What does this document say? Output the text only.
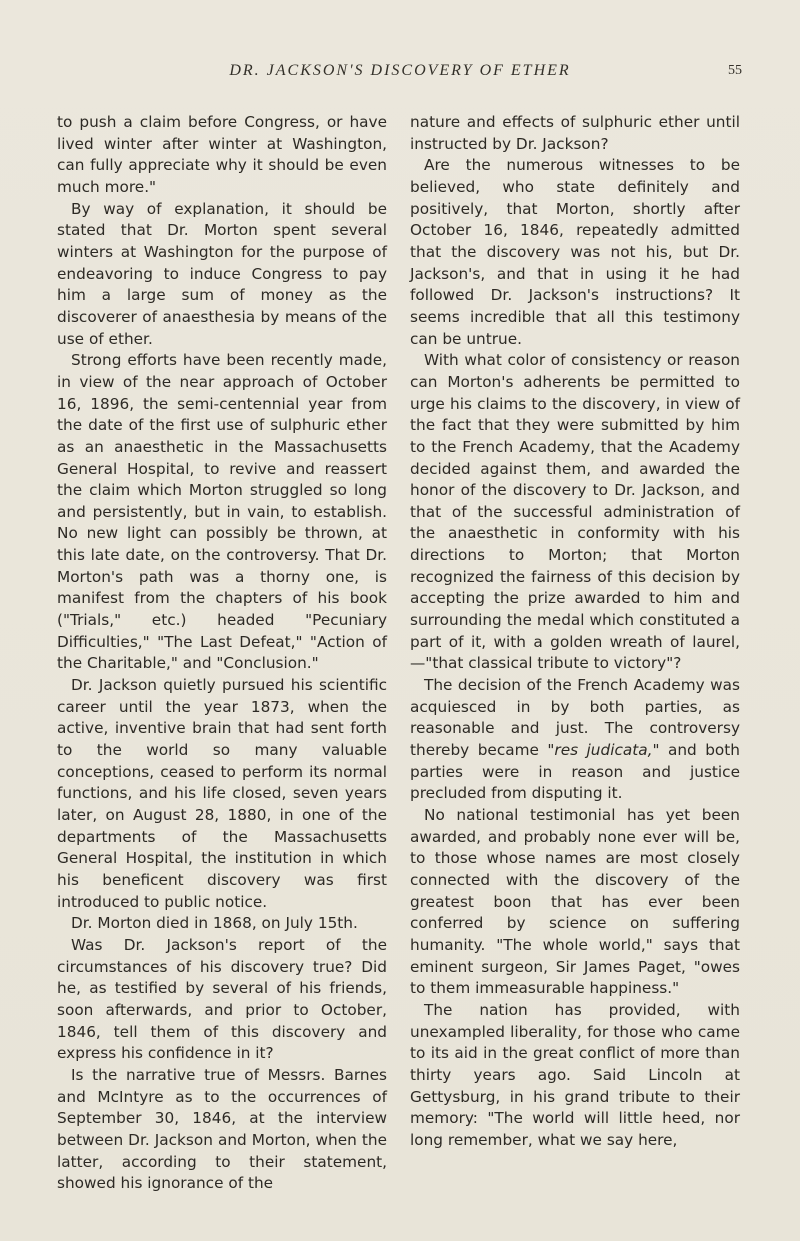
DR. JACKSON'S DISCOVERY OF ETHER	55

to push a claim before Congress, or have lived winter after winter at Washington, can fully appreciate why it should be even much more."

By way of explanation, it should be stated that Dr. Morton spent several winters at Washington for the purpose of endeavoring to induce Congress to pay him a large sum of money as the discoverer of anaesthesia by means of the use of ether.

Strong efforts have been recently made, in view of the near approach of October 16, 1896, the semi-centennial year from the date of the first use of sulphuric ether as an anaesthetic in the Massachusetts General Hospital, to revive and reassert the claim which Morton struggled so long and persistently, but in vain, to establish. No new light can possibly be thrown, at this late date, on the controversy. That Dr. Morton's path was a thorny one, is manifest from the chapters of his book ("Trials," etc.) headed "Pecuniary Difficulties," "The Last Defeat," "Action of the Charitable," and "Conclusion."

Dr. Jackson quietly pursued his scientific career until the year 1873, when the active, inventive brain that had sent forth to the world so many valuable conceptions, ceased to perform its normal functions, and his life closed, seven years later, on August 28, 1880, in one of the departments of the Massachusetts General Hospital, the institution in which his beneficent discovery was first introduced to public notice.

Dr. Morton died in 1868, on July 15th.

Was Dr. Jackson's report of the circumstances of his discovery true? Did he, as testified by several of his friends, soon afterwards, and prior to October, 1846, tell them of this discovery and express his confidence in it?

Is the narrative true of Messrs. Barnes and McIntyre as to the occurrences of September 30, 1846, at the interview between Dr. Jackson and Morton, when the latter, according to their statement, showed his ignorance of the

nature and effects of sulphuric ether until instructed by Dr. Jackson?

Are the numerous witnesses to be believed, who state definitely and positively, that Morton, shortly after October 16, 1846, repeatedly admitted that the discovery was not his, but Dr. Jackson's, and that in using it he had followed Dr. Jackson's instructions? It seems incredible that all this testimony can be untrue.

With what color of consistency or reason can Morton's adherents be permitted to urge his claims to the discovery, in view of the fact that they were submitted by him to the French Academy, that the Academy decided against them, and awarded the honor of the discovery to Dr. Jackson, and that of the successful administration of the anaesthetic in conformity with his directions to Morton; that Morton recognized the fairness of this decision by accepting the prize awarded to him and surrounding the medal which constituted a part of it, with a golden wreath of laurel,—"that classical tribute to victory"?

The decision of the French Academy was acquiesced in by both parties, as reasonable and just. The controversy thereby became "res judicata," and both parties were in reason and justice precluded from disputing it.

No national testimonial has yet been awarded, and probably none ever will be, to those whose names are most closely connected with the discovery of the greatest boon that has ever been conferred by science on suffering humanity. "The whole world," says that eminent surgeon, Sir James Paget, "owes to them immeasurable happiness."

The nation has provided, with unexampled liberality, for those who came to its aid in the great conflict of more than thirty years ago. Said Lincoln at Gettysburg, in his grand tribute to their memory: "The world will little heed, nor long remember, what we say here,
